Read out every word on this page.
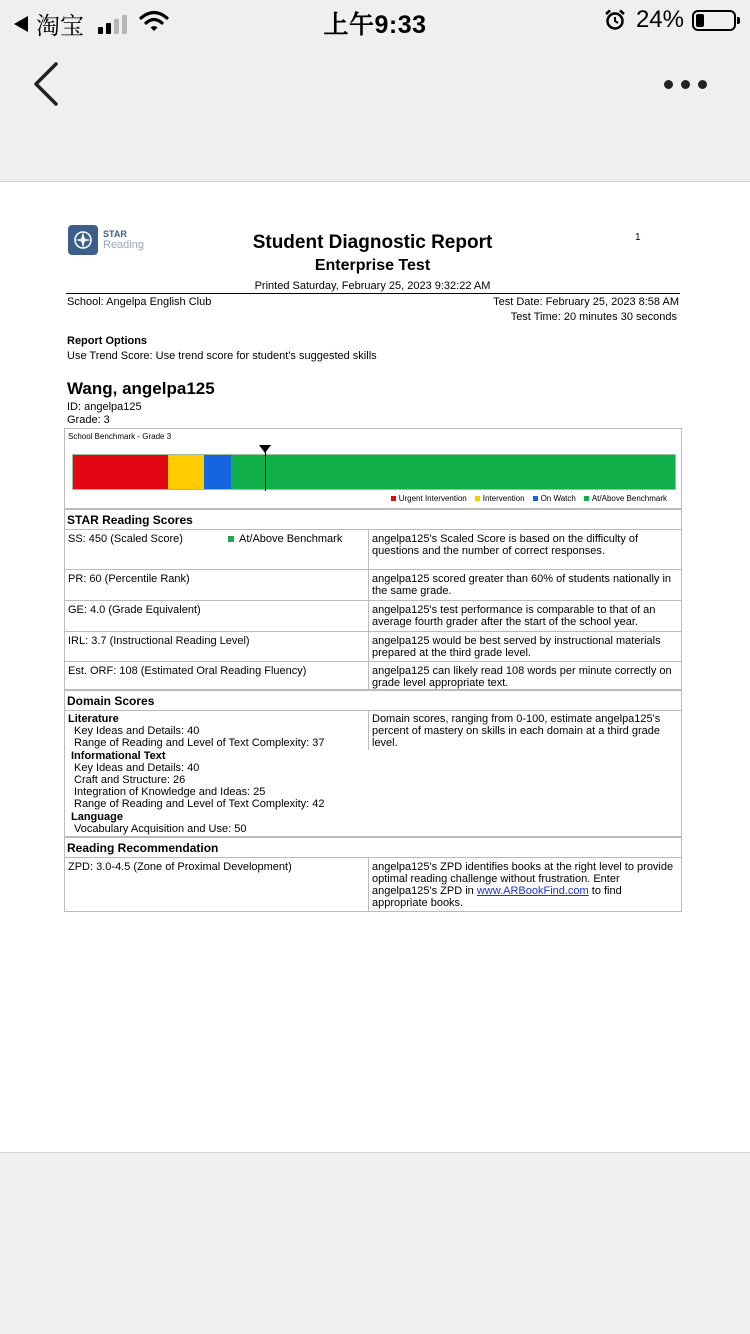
淘宝	上午9:33	24%
STAR
Reading
1
Student Diagnostic Report
Enterprise Test
Printed Saturday, February 25, 2023 9:32:22 AM
School: Angelpa English Club	Test Date: February 25, 2023 8:58 AM
Test Time: 20 minutes 30 seconds
Report Options
Use Trend Score: Use trend score for student's suggested skills
Wang, angelpa125
ID: angelpa125
Grade: 3
School Benchmark - Grade 3
Urgent Intervention Intervention On Watch At/Above Benchmark
STAR Reading Scores
SS: 450 (Scaled Score)	At/Above Benchmark	angelpa125's Scaled Score is based on the difficulty of questions and the number of correct responses.
PR: 60 (Percentile Rank)	angelpa125 scored greater than 60% of students nationally in the same grade.
GE: 4.0 (Grade Equivalent)	angelpa125's test performance is comparable to that of an average fourth grader after the start of the school year.
IRL: 3.7 (Instructional Reading Level)	angelpa125 would be best served by instructional materials prepared at the third grade level.
Est. ORF: 108 (Estimated Oral Reading Fluency)	angelpa125 can likely read 108 words per minute correctly on grade level appropriate text.
Domain Scores
Literature
Key Ideas and Details: 40
Range of Reading and Level of Text Complexity: 37
Informational Text
Key Ideas and Details: 40
Craft and Structure: 26
Integration of Knowledge and Ideas: 25
Range of Reading and Level of Text Complexity: 42
Language
Vocabulary Acquisition and Use: 50
Domain scores, ranging from 0-100, estimate angelpa125's percent of mastery on skills in each domain at a third grade level.
Reading Recommendation
ZPD: 3.0-4.5 (Zone of Proximal Development)	angelpa125's ZPD identifies books at the right level to provide optimal reading challenge without frustration. Enter angelpa125's ZPD in www.ARBookFind.com to find appropriate books.
